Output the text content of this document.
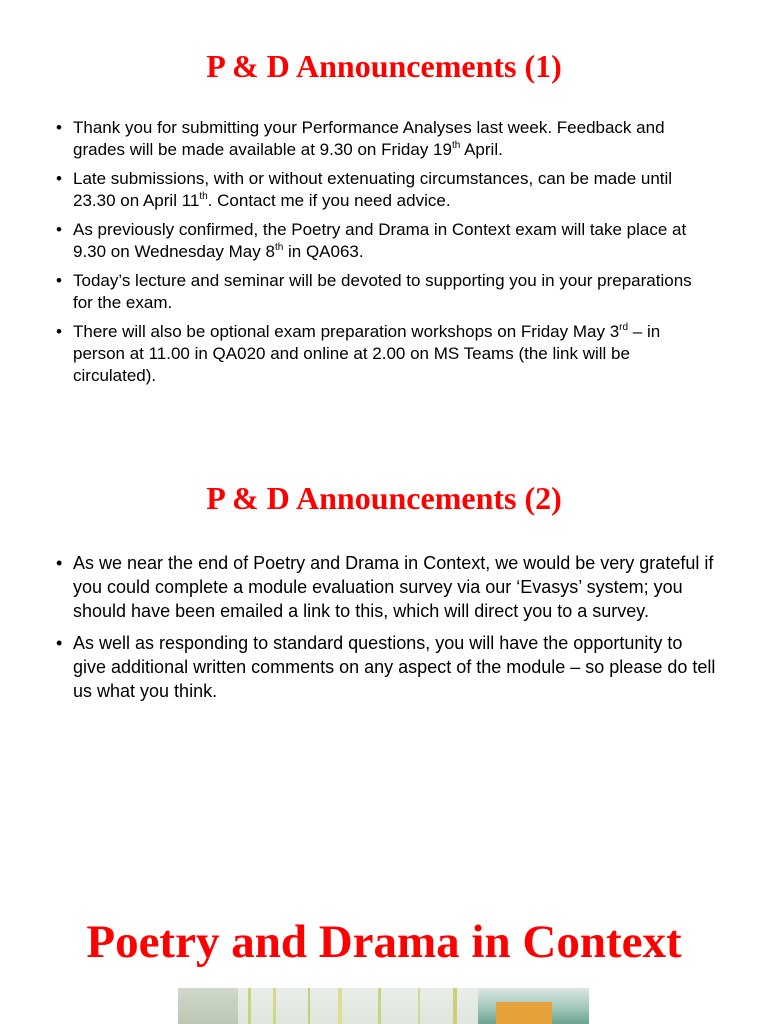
P & D Announcements (1)
• Thank you for submitting your Performance Analyses last week. Feedback and grades will be made available at 9.30 on Friday 19th April.
• Late submissions, with or without extenuating circumstances, can be made until 23.30 on April 11th. Contact me if you need advice.
• As previously confirmed, the Poetry and Drama in Context exam will take place at 9.30 on Wednesday May 8th in QA063.
• Today’s lecture and seminar will be devoted to supporting you in your preparations for the exam.
• There will also be optional exam preparation workshops on Friday May 3rd – in person at 11.00 in QA020 and online at 2.00 on MS Teams (the link will be circulated).
P & D Announcements (2)
• As we near the end of Poetry and Drama in Context, we would be very grateful if you could complete a module evaluation survey via our ‘Evasys’ system; you should have been emailed a link to this, which will direct you to a survey.
• As well as responding to standard questions, you will have the opportunity to give additional written comments on any aspect of the module – so please do tell us what you think.
Poetry and Drama in Context
